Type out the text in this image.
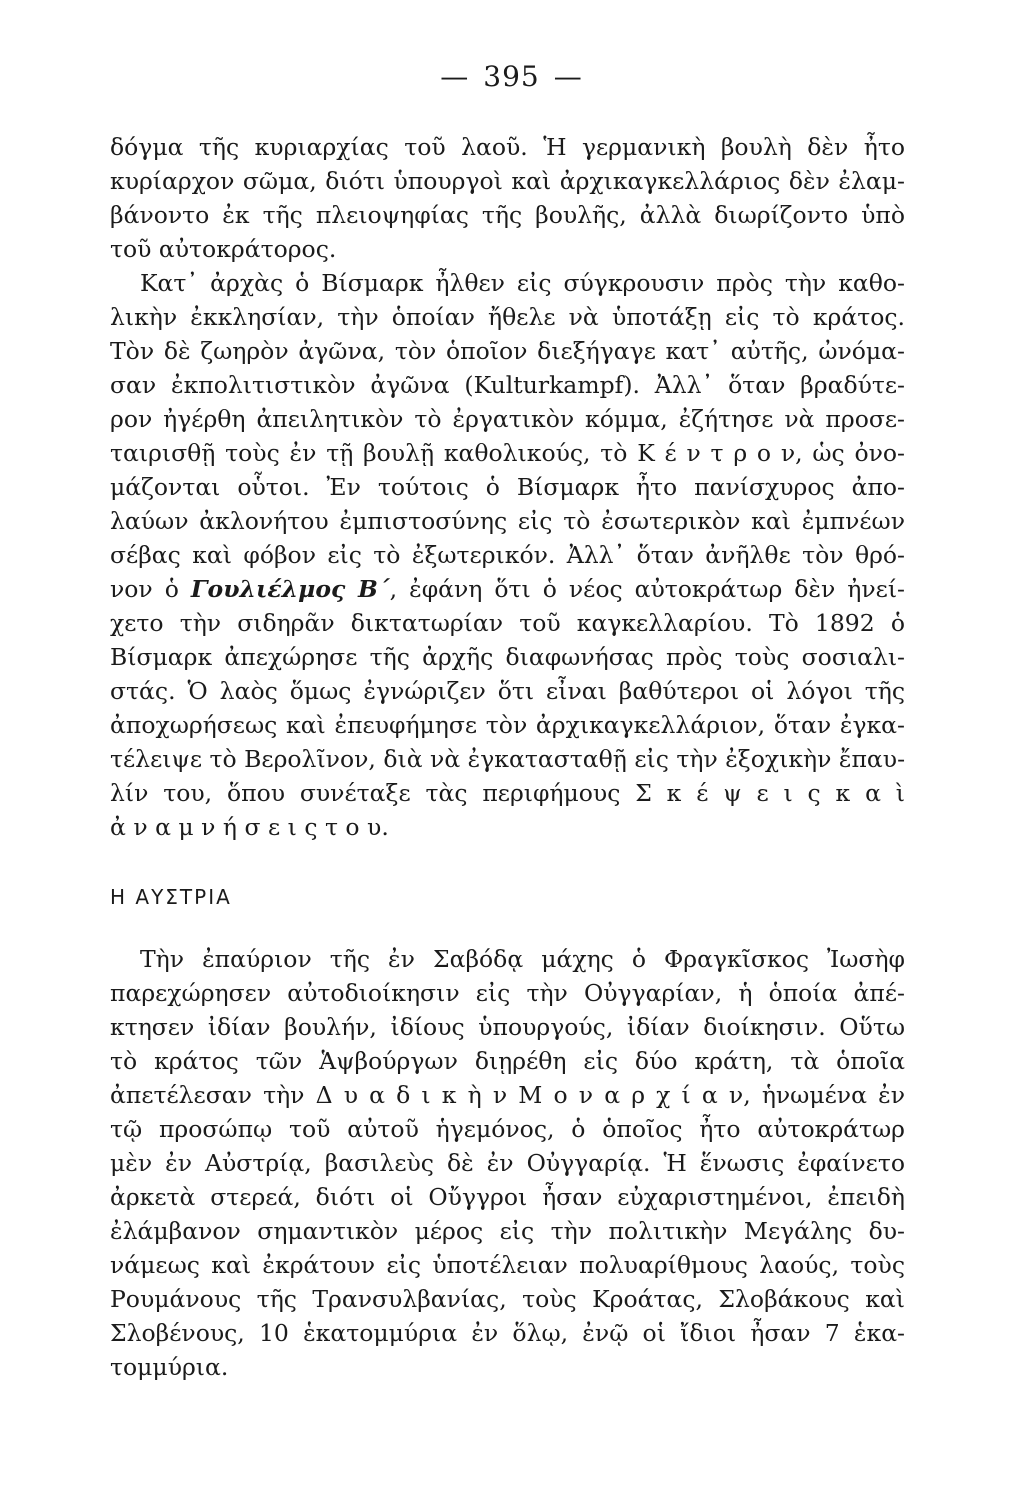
— 395 —
δόγμα τῆς κυριαρχίας τοῦ λαοῦ. Ἡ γερμανικὴ βουλὴ δὲν ἦτο
κυρίαρχον σῶμα, διότι ὑπουργοὶ καὶ ἀρχικαγκελλάριος δὲν ἐλαμ-
βάνοντο ἐκ τῆς πλειοψηφίας τῆς βουλῆς, ἀλλὰ διωρίζοντο ὑπὸ
τοῦ αὐτοκράτορος.
Κατ᾽ ἀρχὰς ὁ Βίσμαρκ ἦλθεν εἰς σύγκρουσιν πρὸς τὴν καθο-
λικὴν ἐκκλησίαν, τὴν ὁποίαν ἤθελε νὰ ὑποτάξῃ εἰς τὸ κράτος.
Τὸν δὲ ζωηρὸν ἀγῶνα, τὸν ὁποῖον διεξήγαγε κατ᾽ αὐτῆς, ὠνόμα-
σαν ἐκπολιτιστικὸν ἀγῶνα (Kulturkampf). Ἀλλ᾽ ὅταν βραδύτε-
ρον ἠγέρθη ἀπειλητικὸν τὸ ἐργατικὸν κόμμα, ἐζήτησε νὰ προσε-
ταιρισθῇ τοὺς ἐν τῇ βουλῇ καθολικούς, τὸ Κ έ ν τ ρ ο ν, ὡς ὀνο-
μάζονται οὗτοι. Ἐν τούτοις ὁ Βίσμαρκ ἦτο πανίσχυρος ἀπο-
λαύων ἀκλονήτου ἐμπιστοσύνης εἰς τὸ ἐσωτερικὸν καὶ ἐμπνέων
σέβας καὶ φόβον εἰς τὸ ἐξωτερικόν. Ἀλλ᾽ ὅταν ἀνῆλθε τὸν θρό-
νον ὁ Γουλιέλμος Β΄, ἐφάνη ὅτι ὁ νέος αὐτοκράτωρ δὲν ἠνεί-
χετο τὴν σιδηρᾶν δικτατωρίαν τοῦ καγκελλαρίου. Τὸ 1892 ὁ
Βίσμαρκ ἀπεχώρησε τῆς ἀρχῆς διαφωνήσας πρὸς τοὺς σοσιαλι-
στάς. Ὁ λαὸς ὅμως ἐγνώριζεν ὅτι εἶναι βαθύτεροι οἱ λόγοι τῆς
ἀποχωρήσεως καὶ ἐπευφήμησε τὸν ἀρχικαγκελλάριον, ὅταν ἐγκα-
τέλειψε τὸ Βερολῖνον, διὰ νὰ ἐγκατασταθῇ εἰς τὴν ἐξοχικὴν ἔπαυ-
λίν του, ὅπου συνέταξε τὰς περιφήμους Σ κ έ ψ ε ι ς κ α ὶ
ἀ ν α μ ν ή σ ε ι ς τ ο υ.
Η ΑΥΣΤΡΙΑ
Τὴν ἐπαύριον τῆς ἐν Σαβόδᾳ μάχης ὁ Φραγκῖσκος Ἰωσὴφ
παρεχώρησεν αὐτοδιοίκησιν εἰς τὴν Οὐγγαρίαν, ἡ ὁποία ἀπέ-
κτησεν ἰδίαν βουλήν, ἰδίους ὑπουργούς, ἰδίαν διοίκησιν. Οὕτω
τὸ κράτος τῶν Ἁψβούργων διῃρέθη εἰς δύο κράτη, τὰ ὁποῖα
ἀπετέλεσαν τὴν Δ υ α δ ι κ ὴ ν Μ ο ν α ρ χ ί α ν, ἡνωμένα ἐν
τῷ προσώπῳ τοῦ αὐτοῦ ἡγεμόνος, ὁ ὁποῖος ἦτο αὐτοκράτωρ
μὲν ἐν Αὐστρίᾳ, βασιλεὺς δὲ ἐν Οὐγγαρίᾳ. Ἡ ἕνωσις ἐφαίνετο
ἀρκετὰ στερεά, διότι οἱ Οὔγγροι ἦσαν εὐχαριστημένοι, ἐπειδὴ
ἐλάμβανον σημαντικὸν μέρος εἰς τὴν πολιτικὴν Μεγάλης δυ-
νάμεως καὶ ἐκράτουν εἰς ὑποτέλειαν πολυαρίθμους λαούς, τοὺς
Ρουμάνους τῆς Τρανσυλβανίας, τοὺς Κροάτας, Σλοβάκους καὶ
Σλοβένους, 10 ἑκατομμύρια ἐν ὅλῳ, ἐνῷ οἱ ἴδιοι ἦσαν 7 ἑκα-
τομμύρια.
